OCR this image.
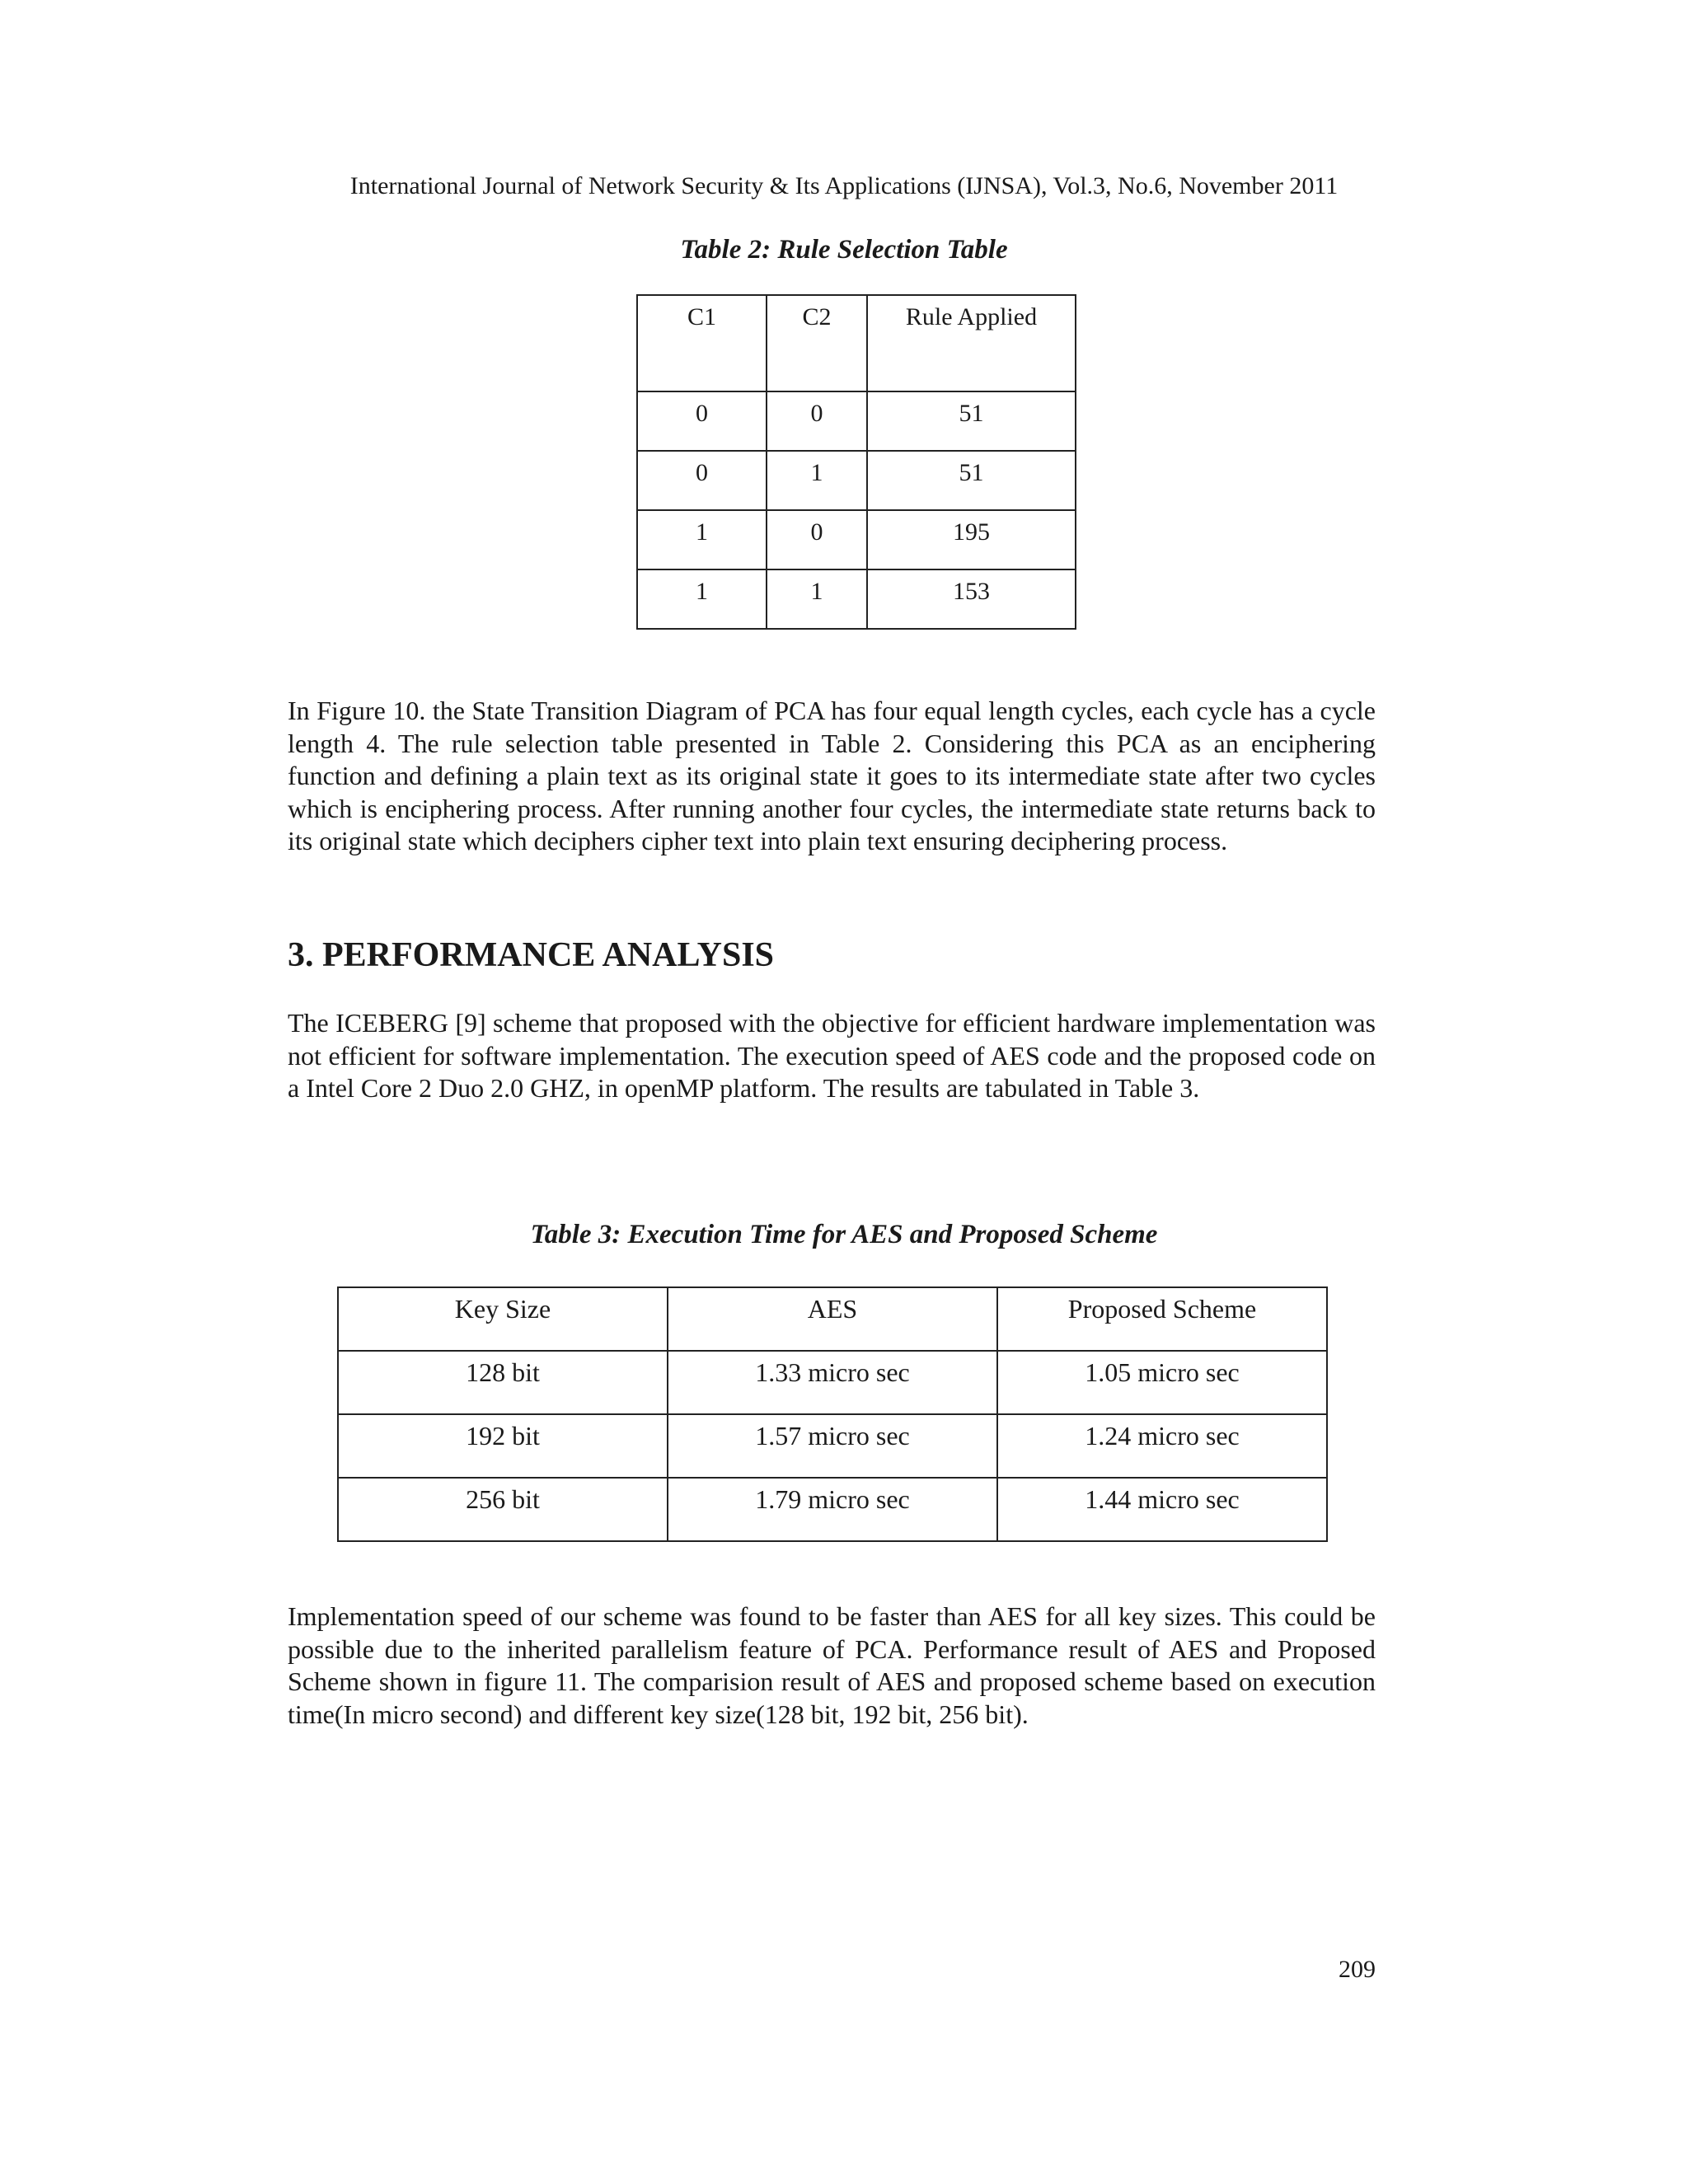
International Journal of Network Security & Its Applications (IJNSA), Vol.3, No.6, November 2011
Table 2: Rule Selection Table
C1	C2	Rule Applied
0	0	51
0	1	51
1	0	195
1	1	153
In Figure 10. the State Transition Diagram of PCA has four equal length cycles, each cycle has a cycle length 4. The rule selection table presented in Table 2. Considering this PCA as an enciphering function and defining a plain text as its original state it goes to its intermediate state after two cycles which is enciphering process. After running another four cycles, the intermediate state returns back to its original state which deciphers cipher text into plain text ensuring deciphering process.
3. PERFORMANCE ANALYSIS
The ICEBERG [9] scheme that proposed with the objective for efficient hardware implementation was not efficient for software implementation. The execution speed of AES code and the proposed code on a Intel Core 2 Duo 2.0 GHZ, in openMP platform. The results are tabulated in Table 3.
Table 3: Execution Time for AES and Proposed Scheme
Key Size	AES	Proposed Scheme
128 bit	1.33 micro sec	1.05 micro sec
192 bit	1.57 micro sec	1.24 micro sec
256 bit	1.79 micro sec	1.44 micro sec
Implementation speed of our scheme was found to be faster than AES for all key sizes. This could be possible due to the inherited parallelism feature of PCA. Performance result of AES and Proposed Scheme shown in figure 11. The comparision result of AES and proposed scheme based on execution time(In micro second) and different key size(128 bit, 192 bit, 256 bit).
209
